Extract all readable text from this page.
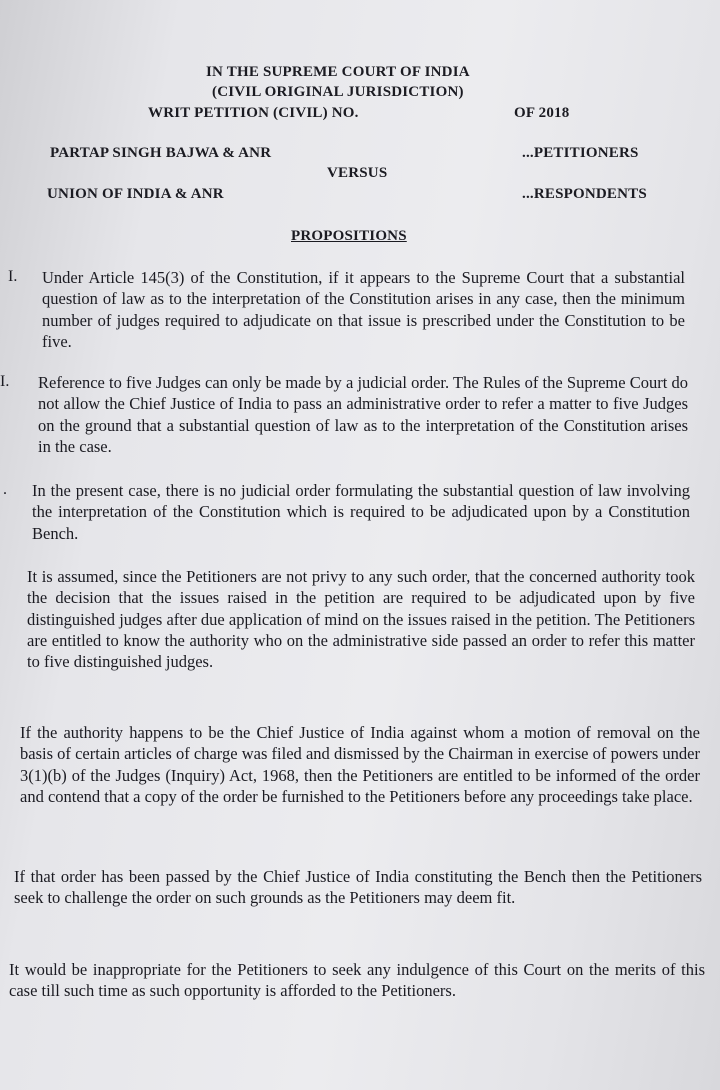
IN THE SUPREME COURT OF INDIA
(CIVIL ORIGINAL JURISDICTION)
WRIT PETITION (CIVIL) NO.	OF 2018
PARTAP SINGH BAJWA & ANR	...PETITIONERS
VERSUS
UNION OF INDIA & ANR	...RESPONDENTS
PROPOSITIONS
I. Under Article 145(3) of the Constitution, if it appears to the Supreme Court that a substantial question of law as to the interpretation of the Constitution arises in any case, then the minimum number of judges required to adjudicate on that issue is prescribed under the Constitution to be five.
I. Reference to five Judges can only be made by a judicial order. The Rules of the Supreme Court do not allow the Chief Justice of India to pass an administrative order to refer a matter to five Judges on the ground that a substantial question of law as to the interpretation of the Constitution arises in the case.
. In the present case, there is no judicial order formulating the substantial question of law involving the interpretation of the Constitution which is required to be adjudicated upon by a Constitution Bench.
It is assumed, since the Petitioners are not privy to any such order, that the concerned authority took the decision that the issues raised in the petition are required to be adjudicated upon by five distinguished judges after due application of mind on the issues raised in the petition. The Petitioners are entitled to know the authority who on the administrative side passed an order to refer this matter to five distinguished judges.
If the authority happens to be the Chief Justice of India against whom a motion of removal on the basis of certain articles of charge was filed and dismissed by the Chairman in exercise of powers under 3(1)(b) of the Judges (Inquiry) Act, 1968, then the Petitioners are entitled to be informed of the order and contend that a copy of the order be furnished to the Petitioners before any proceedings take place.
If that order has been passed by the Chief Justice of India constituting the Bench then the Petitioners seek to challenge the order on such grounds as the Petitioners may deem fit.
It would be inappropriate for the Petitioners to seek any indulgence of this Court on the merits of this case till such time as such opportunity is afforded to the Petitioners.
